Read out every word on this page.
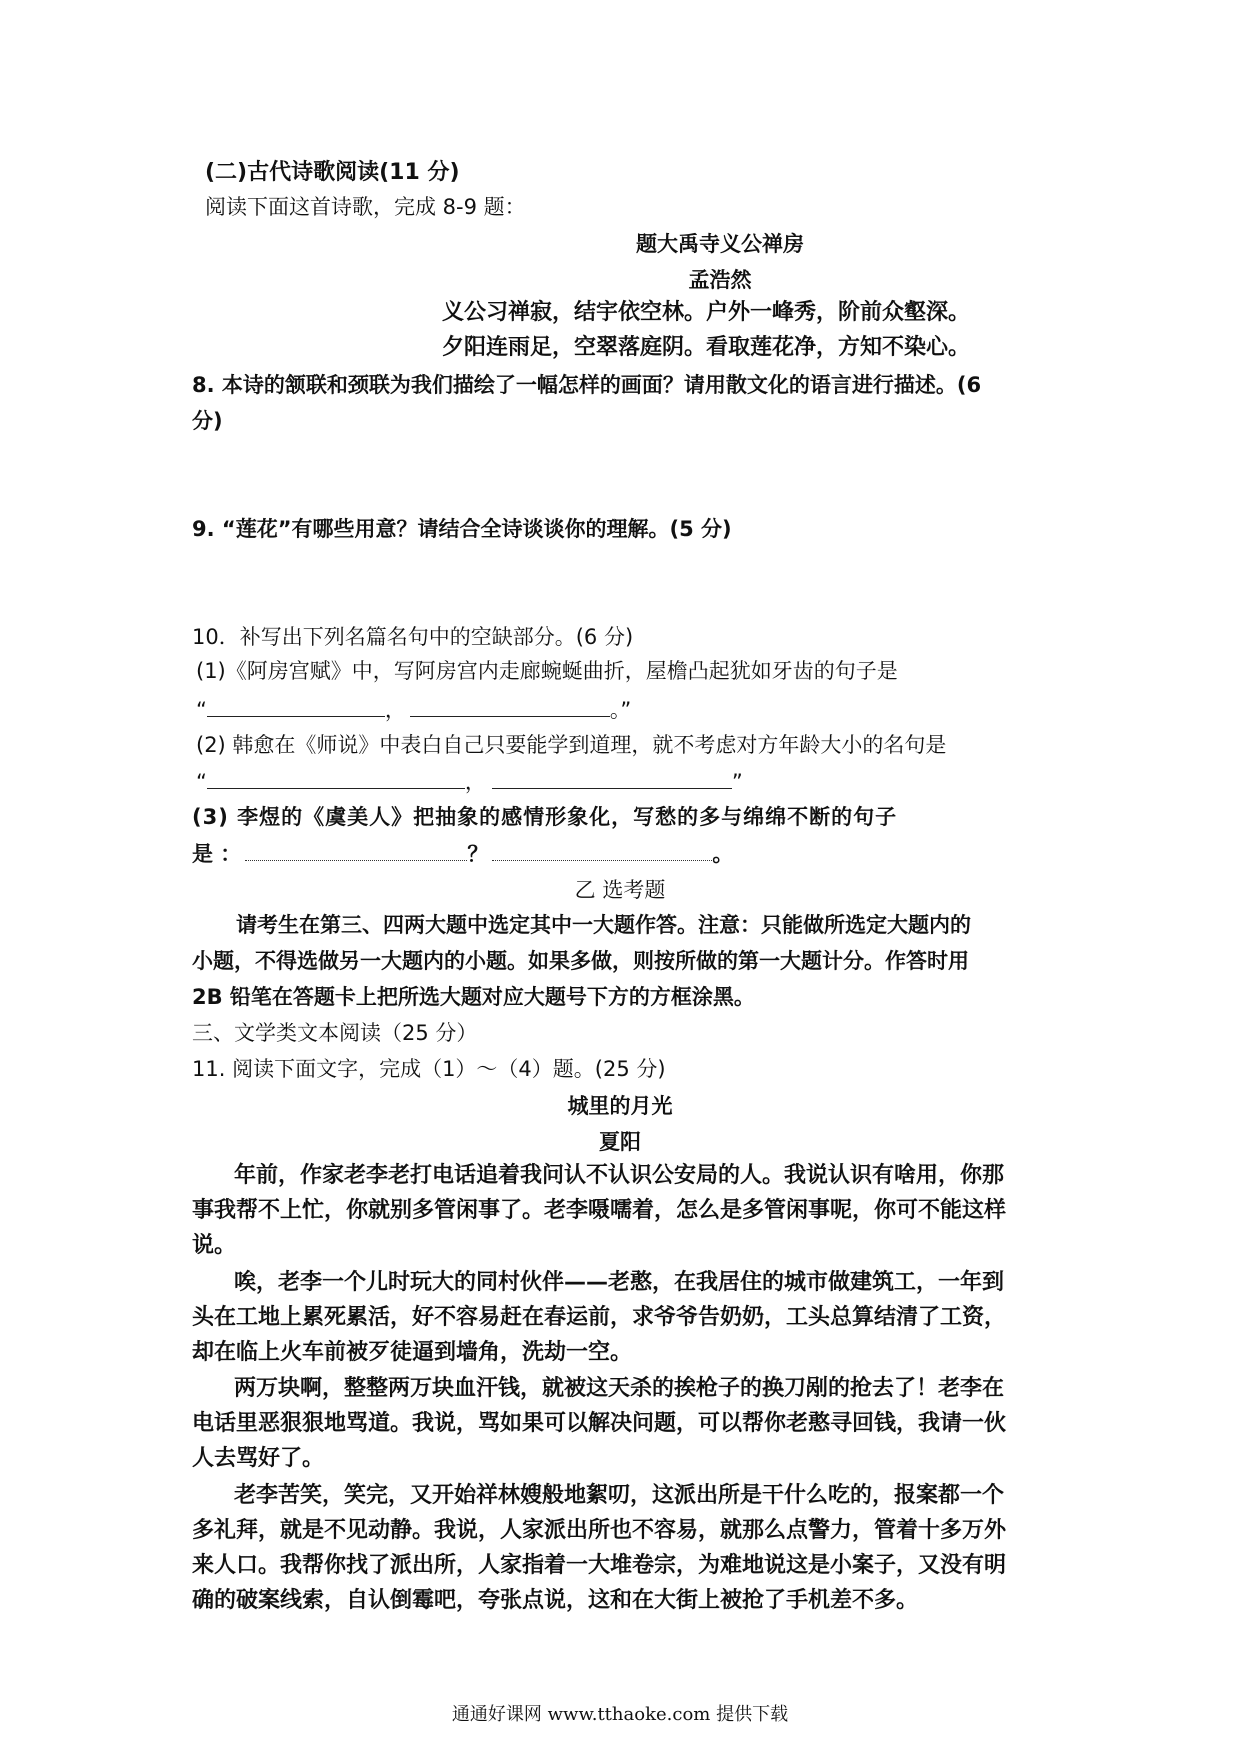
(二)古代诗歌阅读(11 分)
阅读下面这首诗歌，完成 8-9 题：
题大禹寺义公禅房
孟浩然
义公习禅寂，结宇依空林。户外一峰秀，阶前众壑深。
夕阳连雨足，空翠落庭阴。看取莲花净，方知不染心。
8. 本诗的颔联和颈联为我们描绘了一幅怎样的画面？请用散文化的语言进行描述。(6
分)
9. “莲花”有哪些用意？请结合全诗谈谈你的理解。(5 分)
10．补写出下列名篇名句中的空缺部分。(6 分)
(1)《阿房宫赋》中，写阿房宫内走廊蜿蜒曲折，屋檐凸起犹如牙齿的句子是
“	，	。”
(2) 韩愈在《师说》中表白自己只要能学到道理，就不考虑对方年龄大小的名句是
“	，	”
(3) 李煜的《虞美人》把抽象的感情形象化，写愁的多与绵绵不断的句子
是 ：	？	。
乙 选考题
请考生在第三、四两大题中选定其中一大题作答。注意：只能做所选定大题内的
小题，不得选做另一大题内的小题。如果多做，则按所做的第一大题计分。作答时用
2B 铅笔在答题卡上把所选大题对应大题号下方的方框涂黑。
三、文学类文本阅读（25 分）
11. 阅读下面文字，完成（1）～（4）题。(25 分)
城里的月光
夏阳
年前，作家老李老打电话追着我问认不认识公安局的人。我说认识有啥用，你那
事我帮不上忙，你就别多管闲事了。老李嗫嚅着，怎么是多管闲事呢，你可不能这样
说。
唉，老李一个儿时玩大的同村伙伴——老憨，在我居住的城市做建筑工，一年到
头在工地上累死累活，好不容易赶在春运前，求爷爷告奶奶，工头总算结清了工资，
却在临上火车前被歹徒逼到墙角，洗劫一空。
两万块啊，整整两万块血汗钱，就被这天杀的挨枪子的换刀剐的抢去了！老李在
电话里恶狠狠地骂道。我说，骂如果可以解决问题，可以帮你老憨寻回钱，我请一伙
人去骂好了。
老李苦笑，笑完，又开始祥林嫂般地絮叨，这派出所是干什么吃的，报案都一个
多礼拜，就是不见动静。我说，人家派出所也不容易，就那么点警力，管着十多万外
来人口。我帮你找了派出所，人家指着一大堆卷宗，为难地说这是小案子，又没有明
确的破案线索，自认倒霉吧，夸张点说，这和在大街上被抢了手机差不多。
通通好课网 www.tthaoke.com 提供下载
